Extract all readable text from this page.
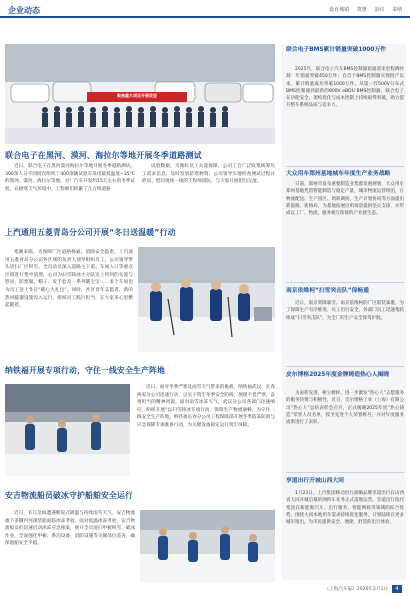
企业动态	设直城镇 筑惠 浪纹 采纳
聚焦重大项目开展攻坚
联合电子在黑河、漠河、海拉尔等地开展冬季道路测试
近日，联合电子在黑河漠河海拉尔等地开展冬季道路测试。300余人分不同批次组织了400余辆试验车采用最低温度−35℃的黑河、漠河、海拉尔等地，对厂汽车开发约15天左右的冬季试验。在极寒天气环境中，工程师们积累了几万组道路
试验数据。为做好员工关爱保障，公司工会广泛收集统筹员工需求信息，及时发放防寒物资。公司领导实地检查测试过程并慰问，慰问现场一线的工程师团队，与大家开展慰问交流。
上汽通用五菱青岛分公司开展“冬日送温暖”行动
寒潮来临，为保障广区道路畅通、消除安全隐患，上汽通用五菱青岛分公司各区域的负责人领导组织员工，公司领导带头清扫厂区积雪，全员动员深入道路主干道、车间入口等重点区域进行集中清理。公司为扫雪除冰小分队送上将到的关爱与慰问，防寒服、帽子、皮手套及一系列暖宝宝……多个车间也为员工送上冬日“暖心大礼包”。同时，社区青年志愿者、新的热风暖器设施投入运行，组织员工践行担当，在大家来心里燃起暖意。
纳铁福开展专项行动，守住一线安全生产阵地
近日，面对冬季严寒及雨雪天气带来的挑战，纳铁福武汉、长春两家分公司迅速行动，以实干筑牢冬季安全防线，展现不畏严寒、奋勇担当的精神风貌。面对雨雪冰冻天气，武汉分公司各部门迅速响应，组织开展“以扫雪除冰专项行动，保障生产物流通畅。为守住一线安全生产阵地，纳铁福长春分公司工程保障部开展冬季防冻防滑与应急保障专项准备行动，为关键设备稳定运行筑牢屏障。
安吉物流船员破冰守护船舶安全运行
近日，长江沿线遭遇断崖式降温与持续雨雪天气，安吉物流旗下多艘内河滚装船面临冰冻考验。面对低温冰冻考验，安吉物流船员们迅速启动冰冻应急预案，展开全员清扫甲板积雪、破冰作业，全面强化甲板、系泊设备、消防设施等关键部位巡查，确保船舶安全平稳。
联合电子BMS累计销量突破1000万件
2025年，联合电子汽车BMS控制器销量迎来里程碑时刻：年销量突破450万件；自首个BMS控制器实现批产以来，累计销量成功突破1000万件。从第一代500V分布式BMS控制器到最新的800V eBDU BMS控制器，联合电子在功能安全、架构优化与成本控制上持续取得突破，助力提升整车系统品质与竞争力。
大众用车郑州基地城车年度生产业务战略
日前，郑州市发布重要制造业集群发展规划，大众用车郑州基地凭借智能制造与稳定产量，城市物流运营组团，在物流配送、生产园区、周转调度、生产计划协同等方面提出新思路、新格局，为基地拓展应用场景提供坚实支撑，并形成以工厂、物流、服务相互衔接的产业链生态。
南京依维柯“扫雪突击队”保畅通
近日，南京突降暴雪。南京依维柯的广区银装素裹，为了保障生产有序推进、员工出行安全，各部门员工迅速集结组成“扫雪突击队”，为全厂的生产安全保驾护航。
皮尔博格2025年度金牌铸造热心人揭晓
为表彰先进、树立榜样、进一步激发“热心人”志愿服务的服务热情与积极性，近日，皮尔博格工业（上海）有限公司“热心人”总结表彰会召开，正式揭晓2025年度“热心铸造”荣誉人员名单，授予先进个人荣誉称号，并对年度服务成果进行了表彰。
享道出行开城山西大同
1月23日，上汽集团移动出行战略品牌享道出行在山西省大同开城启幕的网约车业务正式落地运营。享道出行依托集团在新能源汽车、出行服务、智能网联等领域的综合优势，围绕大同本地用车需求持续优化服务，计划陆续在更多城市推出，为市民提供安全、便捷、舒适的出行体验。
《上海汽车报》2026年2月1日	4
